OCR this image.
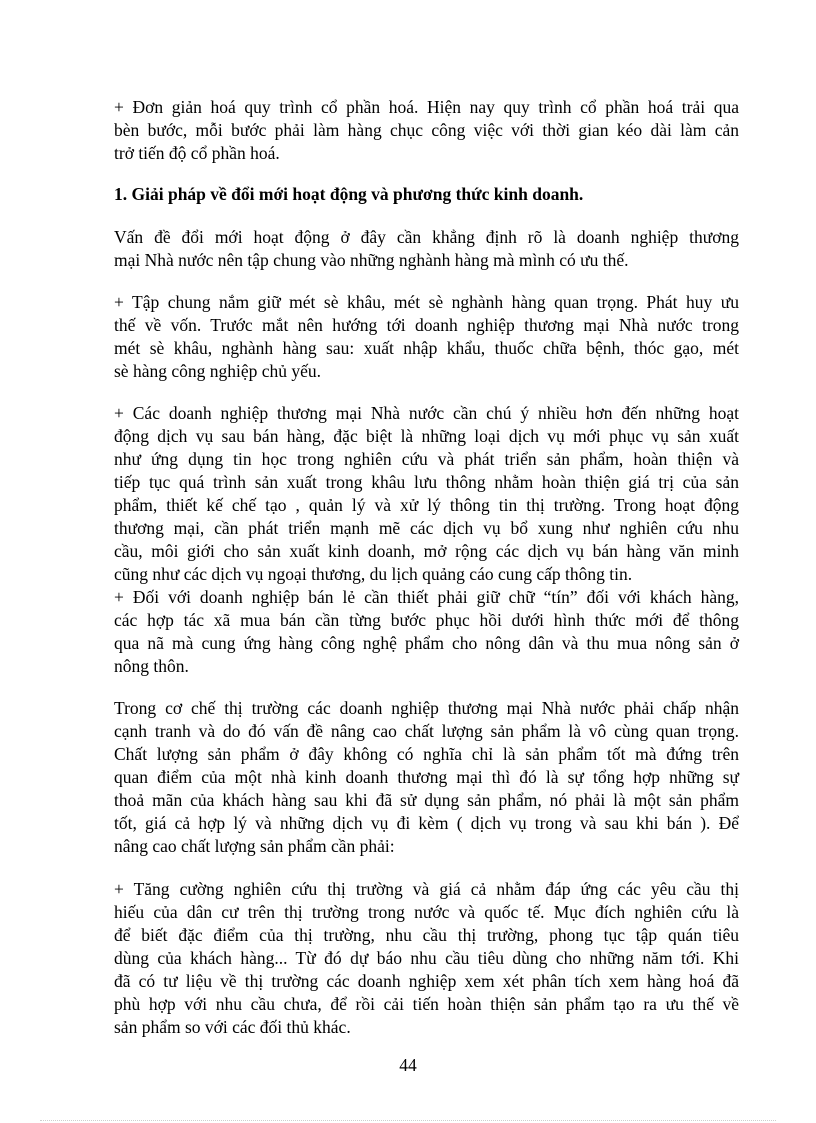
+ Đơn giản hoá quy trình cổ phần hoá. Hiện nay quy trình cổ phần hoá trải qua
bèn bước, mỗi bước phải làm hàng chục công việc với thời gian kéo dài làm cản
trở tiến độ cổ phần hoá.
1. Giải pháp về đổi mới hoạt động và phương thức kinh doanh.
Vấn đề đổi mới hoạt động ở đây cần khẳng định rõ là doanh nghiệp thương
mại Nhà nước nên tập chung vào những nghành hàng mà mình có ưu thế.
+ Tập chung nắm giữ mét sè khâu, mét sè nghành hàng quan trọng. Phát huy ưu
thế về vốn. Trước mắt nên hướng tới doanh nghiệp thương mại Nhà nước trong
mét sè khâu, nghành hàng sau: xuất nhập khẩu, thuốc chữa bệnh, thóc gạo, mét
sè hàng công nghiệp chủ yếu.
+ Các doanh nghiệp thương mại Nhà nước cần chú ý nhiều hơn đến những hoạt
động dịch vụ sau bán hàng, đặc biệt là những loại dịch vụ mới phục vụ sản xuất
như ứng dụng tin học trong nghiên cứu và phát triển sản phẩm, hoàn thiện và
tiếp tục quá trình sản xuất trong khâu lưu thông nhằm hoàn thiện giá trị của sản
phẩm, thiết kế chế tạo , quản lý và xử lý thông tin thị trường. Trong hoạt động
thương mại, cần phát triển mạnh mẽ các dịch vụ bổ xung như nghiên cứu nhu
cầu, môi giới cho sản xuất kinh doanh, mở rộng các dịch vụ bán hàng văn minh
cũng như các dịch vụ ngoại thương, du lịch quảng cáo cung cấp thông tin.
+ Đối với doanh nghiệp bán lẻ cần thiết phải giữ chữ “tín” đối với khách hàng,
các hợp tác xã mua bán cần từng bước phục hồi dưới hình thức mới để thông
qua nã mà cung ứng hàng công nghệ phẩm cho nông dân và thu mua nông sản ở
nông thôn.
Trong cơ chế thị trường các doanh nghiệp thương mại Nhà nước phải chấp nhận
cạnh tranh và do đó vấn đề nâng cao chất lượng sản phẩm là vô cùng quan trọng.
Chất lượng sản phẩm ở đây không có nghĩa chỉ là sản phẩm tốt mà đứng trên
quan điểm của một nhà kinh doanh thương mại thì đó là sự tổng hợp những sự
thoả mãn của khách hàng sau khi đã sử dụng sản phẩm, nó phải là một sản phẩm
tốt, giá cả hợp lý và những dịch vụ đi kèm ( dịch vụ trong và sau khi bán ). Để
nâng cao chất lượng sản phẩm cần phải:
+ Tăng cường nghiên cứu thị trường và giá cả nhằm đáp ứng các yêu cầu thị
hiếu của dân cư trên thị trường trong nước và quốc tế. Mục đích nghiên cứu là
để biết đặc điểm của thị trường, nhu cầu thị trường, phong tục tập quán tiêu
dùng của khách hàng... Từ đó dự báo nhu cầu tiêu dùng cho những năm tới. Khi
đã có tư liệu về thị trường các doanh nghiệp xem xét phân tích xem hàng hoá đã
phù hợp với nhu cầu chưa, để rồi cải tiến hoàn thiện sản phẩm tạo ra ưu thế về
sản phẩm so với các đối thủ khác.
44
